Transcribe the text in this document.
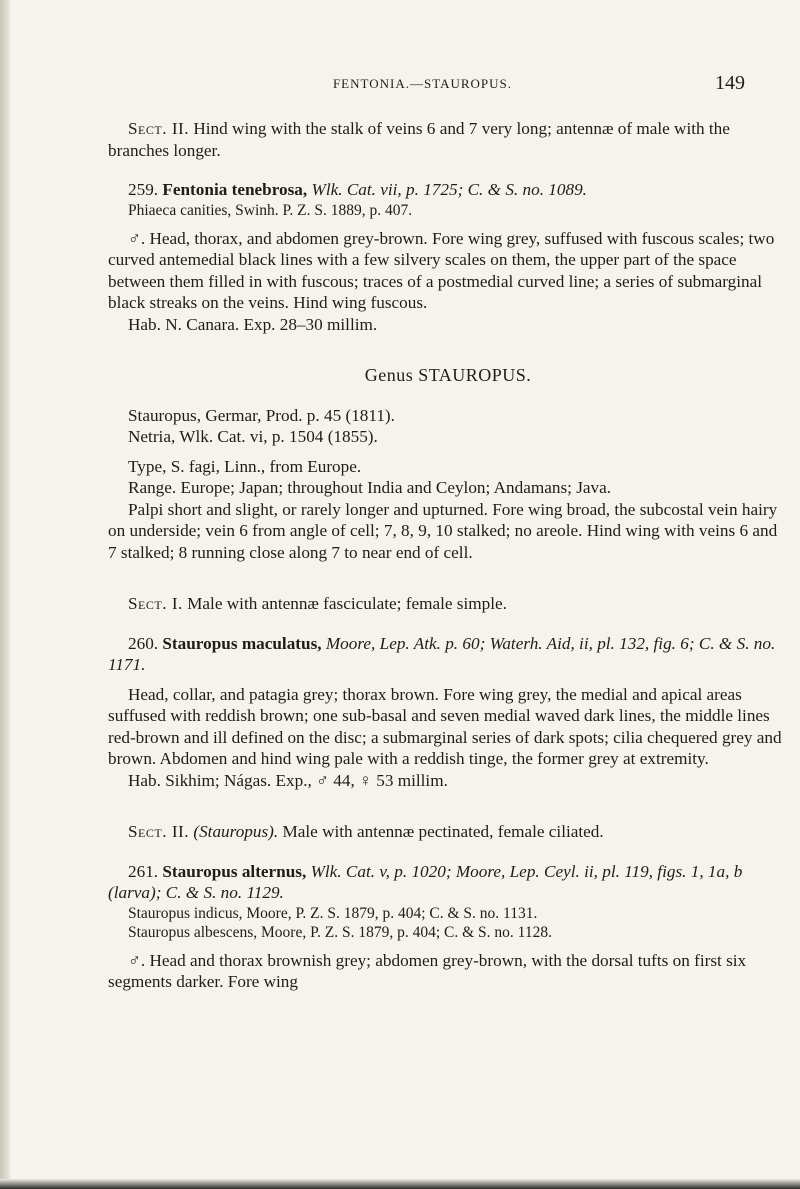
FENTONIA.—STAUROPUS.	149

Sect. II. Hind wing with the stalk of veins 6 and 7 very long; antennæ of male with the branches longer.

259. Fentonia tenebrosa, Wlk. Cat. vii, p. 1725; C. & S. no. 1089.

Phiaeca canities, Swinh. P. Z. S. 1889, p. 407.

♂. Head, thorax, and abdomen grey-brown. Fore wing grey, suffused with fuscous scales; two curved antemedial black lines with a few silvery scales on them, the upper part of the space between them filled in with fuscous; traces of a postmedial curved line; a series of submarginal black streaks on the veins. Hind wing fuscous.

Hab. N. Canara. Exp. 28–30 millim.

Genus STAUROPUS.

Stauropus, Germar, Prod. p. 45 (1811).

Netria, Wlk. Cat. vi, p. 1504 (1855).

Type, S. fagi, Linn., from Europe.

Range. Europe; Japan; throughout India and Ceylon; Andamans; Java.

Palpi short and slight, or rarely longer and upturned. Fore wing broad, the subcostal vein hairy on underside; vein 6 from angle of cell; 7, 8, 9, 10 stalked; no areole. Hind wing with veins 6 and 7 stalked; 8 running close along 7 to near end of cell.

Sect. I. Male with antennæ fasciculate; female simple.

260. Stauropus maculatus, Moore, Lep. Atk. p. 60; Waterh. Aid, ii, pl. 132, fig. 6; C. & S. no. 1171.

Head, collar, and patagia grey; thorax brown. Fore wing grey, the medial and apical areas suffused with reddish brown; one sub-basal and seven medial waved dark lines, the middle lines red-brown and ill defined on the disc; a submarginal series of dark spots; cilia chequered grey and brown. Abdomen and hind wing pale with a reddish tinge, the former grey at extremity.

Hab. Sikhim; Nágas. Exp., ♂ 44, ♀ 53 millim.

Sect. II. (Stauropus). Male with antennæ pectinated, female ciliated.

261. Stauropus alternus, Wlk. Cat. v, p. 1020; Moore, Lep. Ceyl. ii, pl. 119, figs. 1, 1a, b (larva); C. & S. no. 1129.

Stauropus indicus, Moore, P. Z. S. 1879, p. 404; C. & S. no. 1131.

Stauropus albescens, Moore, P. Z. S. 1879, p. 404; C. & S. no. 1128.

♂. Head and thorax brownish grey; abdomen grey-brown, with the dorsal tufts on first six segments darker. Fore wing
